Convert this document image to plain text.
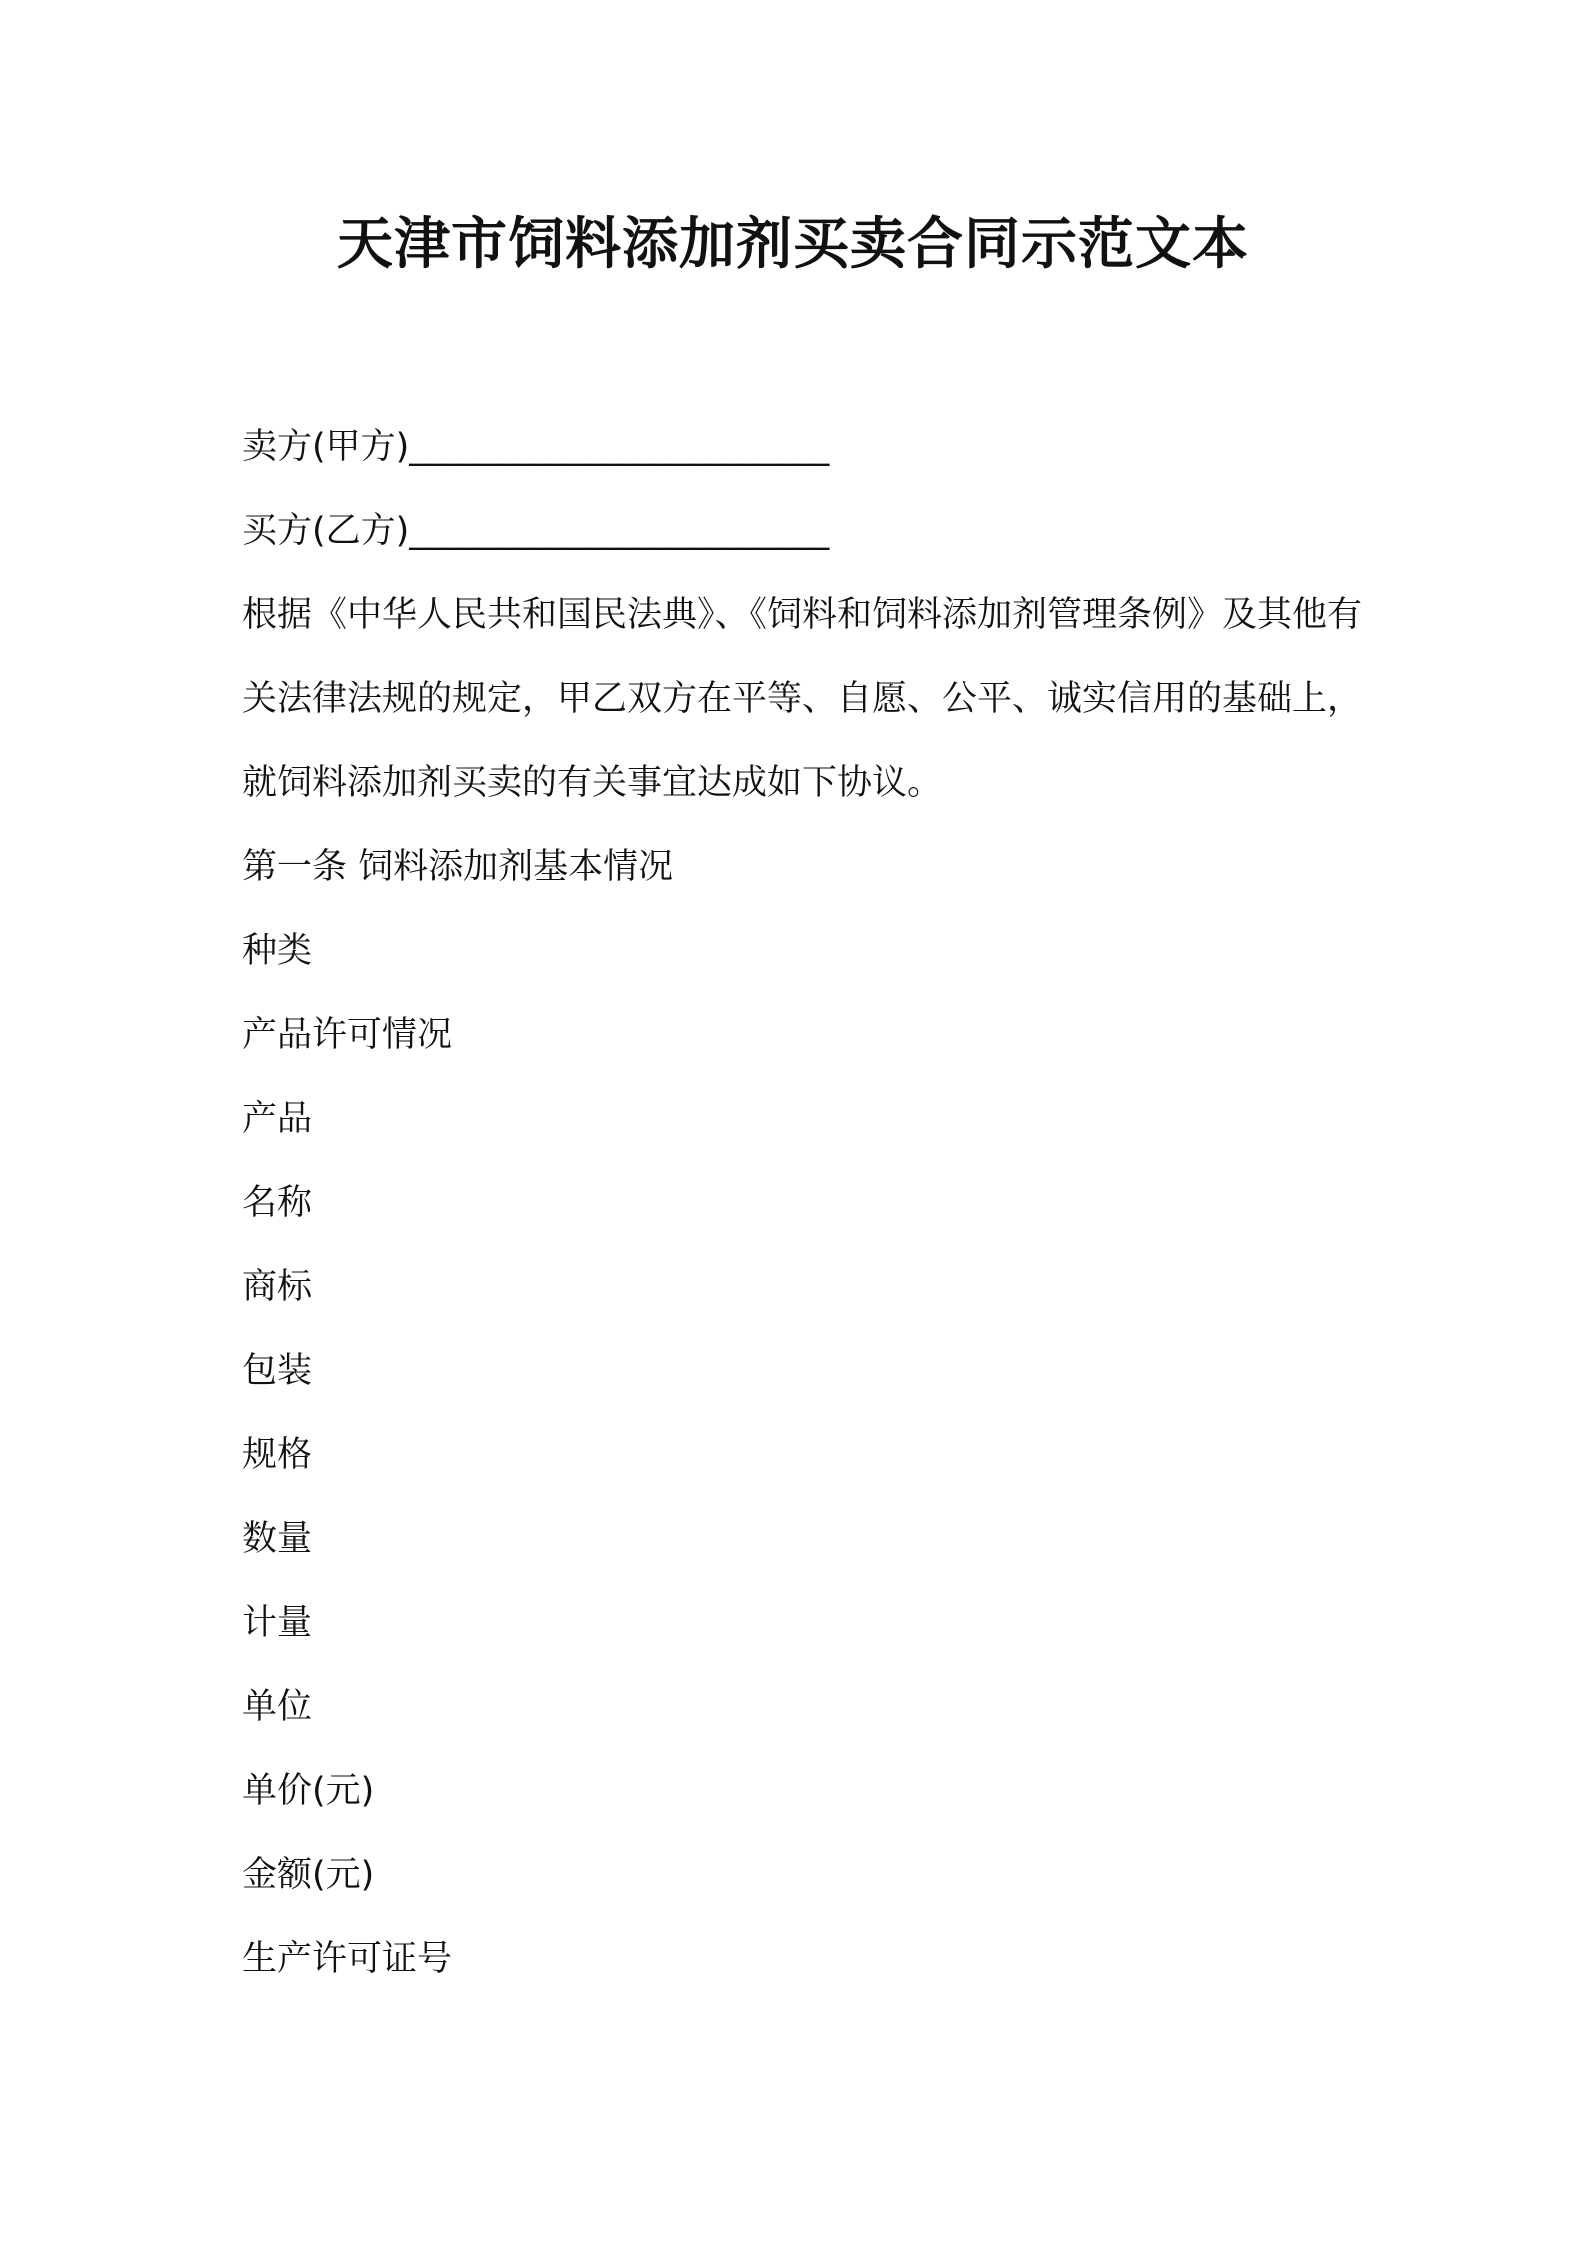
天津市饲料添加剂买卖合同示范文本
卖方(甲方)________________________
买方(乙方)________________________
根据《中华人民共和国民法典》、《饲料和饲料添加剂管理条例》及其他有关法律法规的规定，甲乙双方在平等、自愿、公平、诚实信用的基础上，就饲料添加剂买卖的有关事宜达成如下协议。
第一条 饲料添加剂基本情况
种类
产品许可情况
产品
名称
商标
包装
规格
数量
计量
单位
单价(元)
金额(元)
生产许可证号
